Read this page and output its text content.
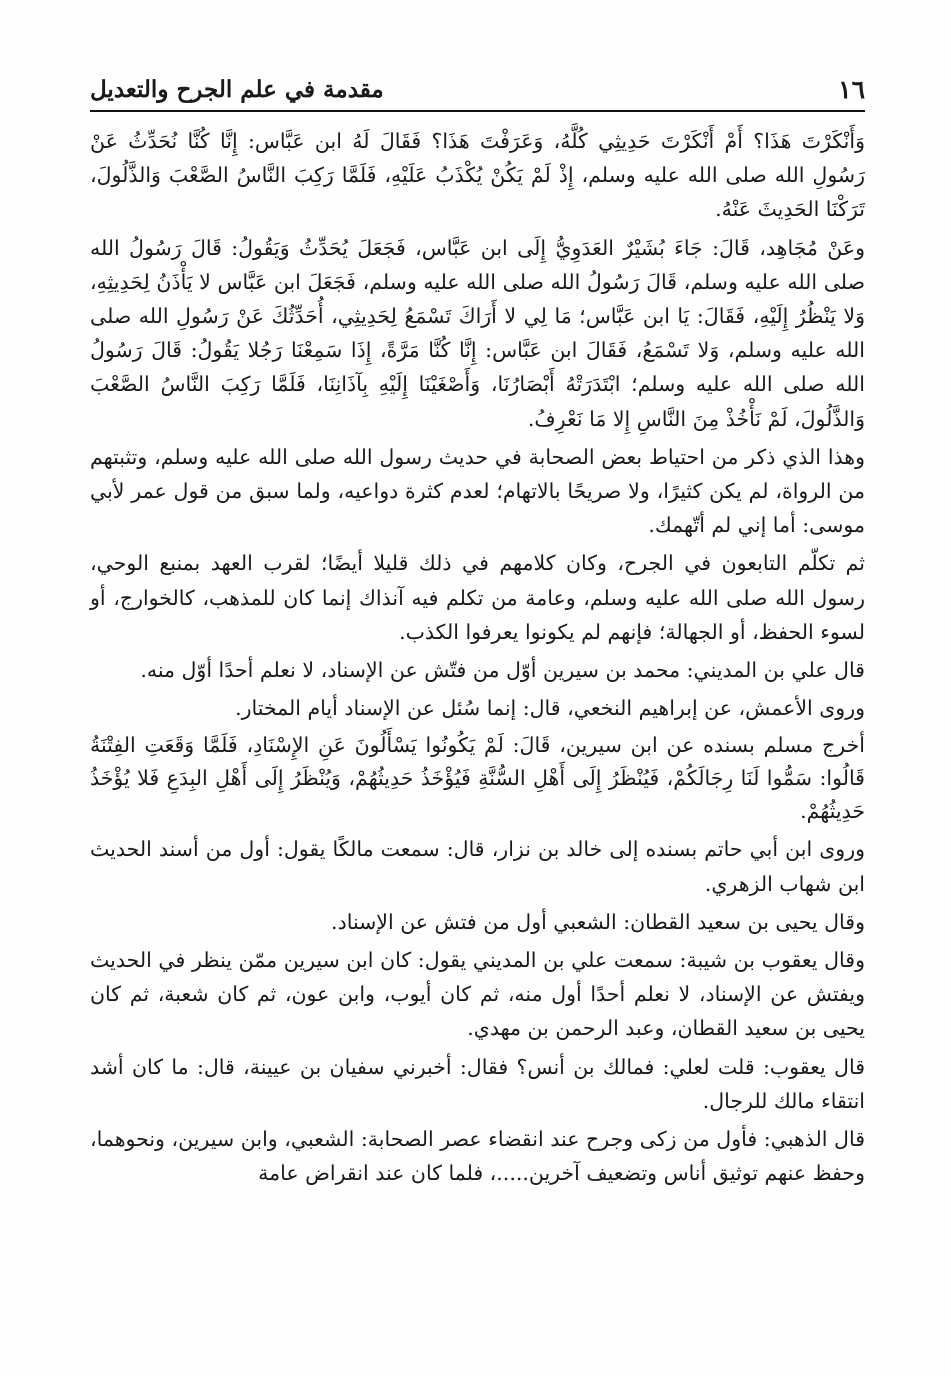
١٦
مقدمة في علم الجرح والتعديل

وَأَنْكَرْتَ هَذَا؟ أَمْ أَنْكَرْتَ حَدِيثِي كُلَّهُ، وَعَرَفْتَ هَذَا؟ فَقَالَ لَهُ ابن عَبَّاس: إِنَّا كُنَّا نُحَدِّثُ عَنْ رَسُولِ الله صلى الله عليه وسلم، إِذْ لَمْ يَكُنْ يُكْذَبُ عَلَيْهِ، فَلَمَّا رَكِبَ النَّاسُ الصَّعْبَ وَالذَّلُولَ، تَرَكْنَا الحَدِيثَ عَنْهُ.

وعَنْ مُجَاهِد، قَالَ: جَاءَ بُشَيْرٌ العَدَوِيُّ إِلَى ابن عَبَّاس، فَجَعَلَ يُحَدِّثُ وَيَقُولُ: قَالَ رَسُولُ الله صلى الله عليه وسلم، قَالَ رَسُولُ الله صلى الله عليه وسلم، فَجَعَلَ ابن عَبَّاس لا يَأْذَنُ لِحَدِيثِهِ، وَلا يَنْظُرُ إِلَيْهِ، فَقَالَ: يَا ابن عَبَّاس؛ مَا لِي لا أَرَاكَ تَسْمَعُ لِحَدِيثِي، أُحَدِّثُكَ عَنْ رَسُولِ الله صلى الله عليه وسلم، وَلا تَسْمَعُ، فَقَالَ ابن عَبَّاس: إِنَّا كُنَّا مَرَّةً، إِذَا سَمِعْنَا رَجُلا يَقُولُ: قَالَ رَسُولُ الله صلى الله عليه وسلم؛ ابْتَدَرَتْهُ أَبْصَارُنَا، وَأَصْغَيْنَا إِلَيْهِ بِآذَانِنَا، فَلَمَّا رَكِبَ النَّاسُ الصَّعْبَ وَالذَّلُولَ، لَمْ نَأْخُذْ مِنَ النَّاسِ إِلا مَا نَعْرِفُ.

وهذا الذي ذكر من احتياط بعض الصحابة في حديث رسول الله صلى الله عليه وسلم، وتثبتهم من الرواة، لم يكن كثيرًا، ولا صريحًا بالاتهام؛ لعدم كثرة دواعيه، ولما سبق من قول عمر لأبي موسى: أما إني لم أتّهمك.

ثم تكلّم التابعون في الجرح، وكان كلامهم في ذلك قليلا أيضًا؛ لقرب العهد بمنبع الوحي، رسول الله صلى الله عليه وسلم، وعامة من تكلم فيه آنذاك إنما كان للمذهب، كالخوارج، أو لسوء الحفظ، أو الجهالة؛ فإنهم لم يكونوا يعرفوا الكذب.

قال علي بن المديني: محمد بن سيرين أوّل من فتّش عن الإسناد، لا نعلم أحدًا أوّل منه.

وروى الأعمش، عن إبراهيم النخعي، قال: إنما سُئل عن الإسناد أيام المختار.

أخرج مسلم بسنده عن ابن سيرين، قَالَ: لَمْ يَكُونُوا يَسْأَلُونَ عَنِ الإِسْنَادِ، فَلَمَّا وَقَعَتِ الفِتْنَةُ قَالُوا: سَمُّوا لَنَا رِجَالَكُمْ، فَيُنْظَرُ إِلَى أَهْلِ السُّنَّةِ فَيُؤْخَذُ حَدِيثُهُمْ، وَيُنْظَرُ إِلَى أَهْلِ البِدَعِ فَلا يُؤْخَذُ حَدِيثُهُمْ.

وروى ابن أبي حاتم بسنده إلى خالد بن نزار، قال: سمعت مالكًا يقول: أول من أسند الحديث ابن شهاب الزهري.

وقال يحيى بن سعيد القطان: الشعبي أول من فتش عن الإسناد.

وقال يعقوب بن شيبة: سمعت علي بن المديني يقول: كان ابن سيرين ممّن ينظر في الحديث ويفتش عن الإسناد، لا نعلم أحدًا أول منه، ثم كان أيوب، وابن عون، ثم كان شعبة، ثم كان يحيى بن سعيد القطان، وعبد الرحمن بن مهدي.

قال يعقوب: قلت لعلي: فمالك بن أنس؟ فقال: أخبرني سفيان بن عيينة، قال: ما كان أشد انتقاء مالك للرجال.

قال الذهبي: فأول من زكى وجرح عند انقضاء عصر الصحابة: الشعبي، وابن سيرين، ونحوهما، وحفظ عنهم توثيق أناس وتضعيف آخرين.....، فلما كان عند انقراض عامة
